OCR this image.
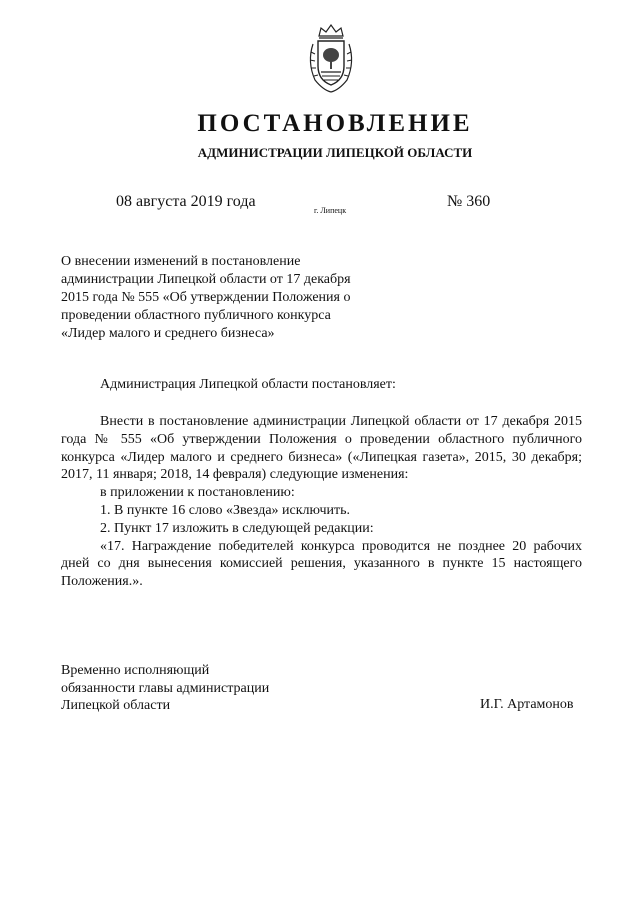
ПОСТАНОВЛЕНИЕ
АДМИНИСТРАЦИИ ЛИПЕЦКОЙ ОБЛАСТИ
08 августа 2019 года
г. Липецк
№ 360
О внесении изменений в постановление
администрации Липецкой области от 17 декабря
2015 года № 555 «Об утверждении Положения о
проведении областного публичного конкурса
«Лидер малого и среднего бизнеса»
Администрация Липецкой области постановляет:

Внести в постановление администрации Липецкой области от 17 декабря 2015 года № 555 «Об утверждении Положения о проведении областного публичного конкурса «Лидер малого и среднего бизнеса» («Липецкая газета», 2015, 30 декабря; 2017, 11 января; 2018, 14 февраля) следующие изменения:

в приложении к постановлению:

1. В пункте 16 слово «Звезда» исключить.

2. Пункт 17 изложить в следующей редакции:

«17. Награждение победителей конкурса проводится не позднее 20 рабочих дней со дня вынесения комиссией решения, указанного в пункте 15 настоящего Положения.».

Временно исполняющий
обязанности главы администрации
Липецкой области	И.Г. Артамонов
